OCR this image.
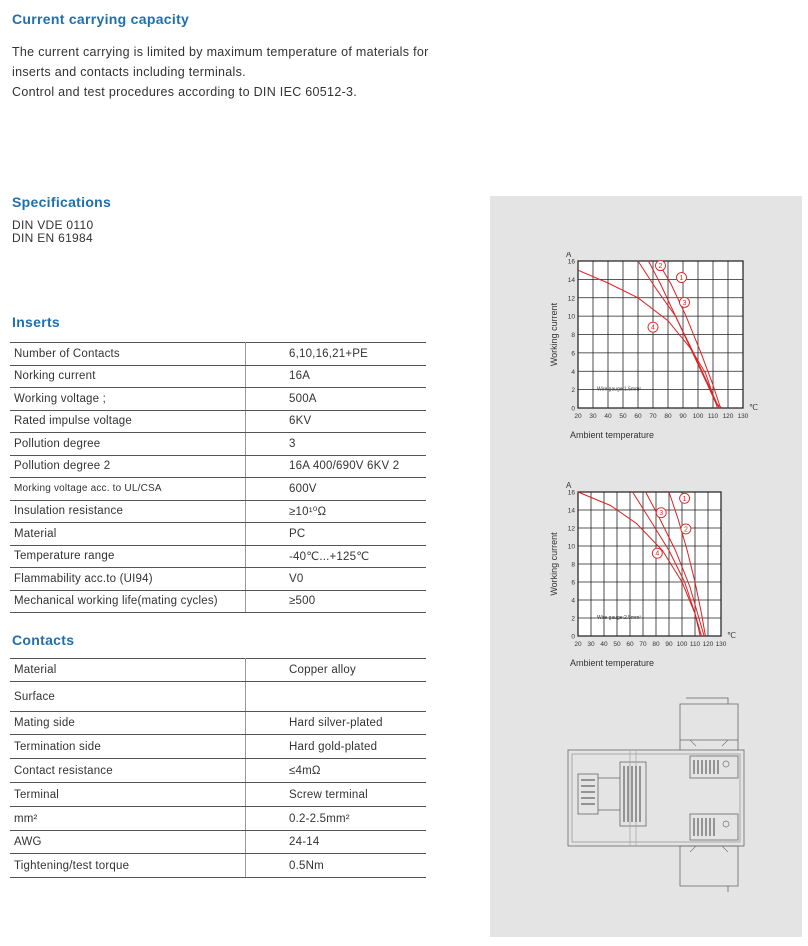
Current carrying capacity
The current carrying is limited by maximum temperature of materials for
inserts and contacts including terminals.
Control and test procedures according to DIN IEC 60512-3.
Specifications
DIN VDE 0110
DIN EN 61984
Inserts
Number of Contacts	6,10,16,21+PE
Norking current	16A
Working voltage ;	500A
Rated impulse voltage	6KV
Pollution degree	3
Pollution degree 2	16A 400/690V 6KV 2
Morking voltage acc. to UL/CSA	600V
Insulation resistance	≥10¹⁰Ω
Material	PC
Temperature range	-40℃...+125℃
Flammability acc.to (UI94)	V0
Mechanical working life(mating cycles)	≥500
Contacts
Material	Copper alloy
Surface	
Mating side	Hard silver-plated
Termination side	Hard gold-plated
Contact resistance	≤4mΩ
Terminal	Screw terminal
mm²	0.2-2.5mm²
AWG	24-14
Tightening/test torque	0.5Nm
20 30 40 50 60 70 80 90 100 110 120 130
0
2
4
6
8
10
12
14
16
A
℃
Working current
Ambient temperature
Wire gauge:1.5mm²
2
1
3
4
20 30 40 50 60 70 80 90 100 110 120 130
0
2
4
6
8
10
12
14
16
A
℃
Working current
Ambient temperature
Wire gauge:2.5mm²
1
3
2
4
